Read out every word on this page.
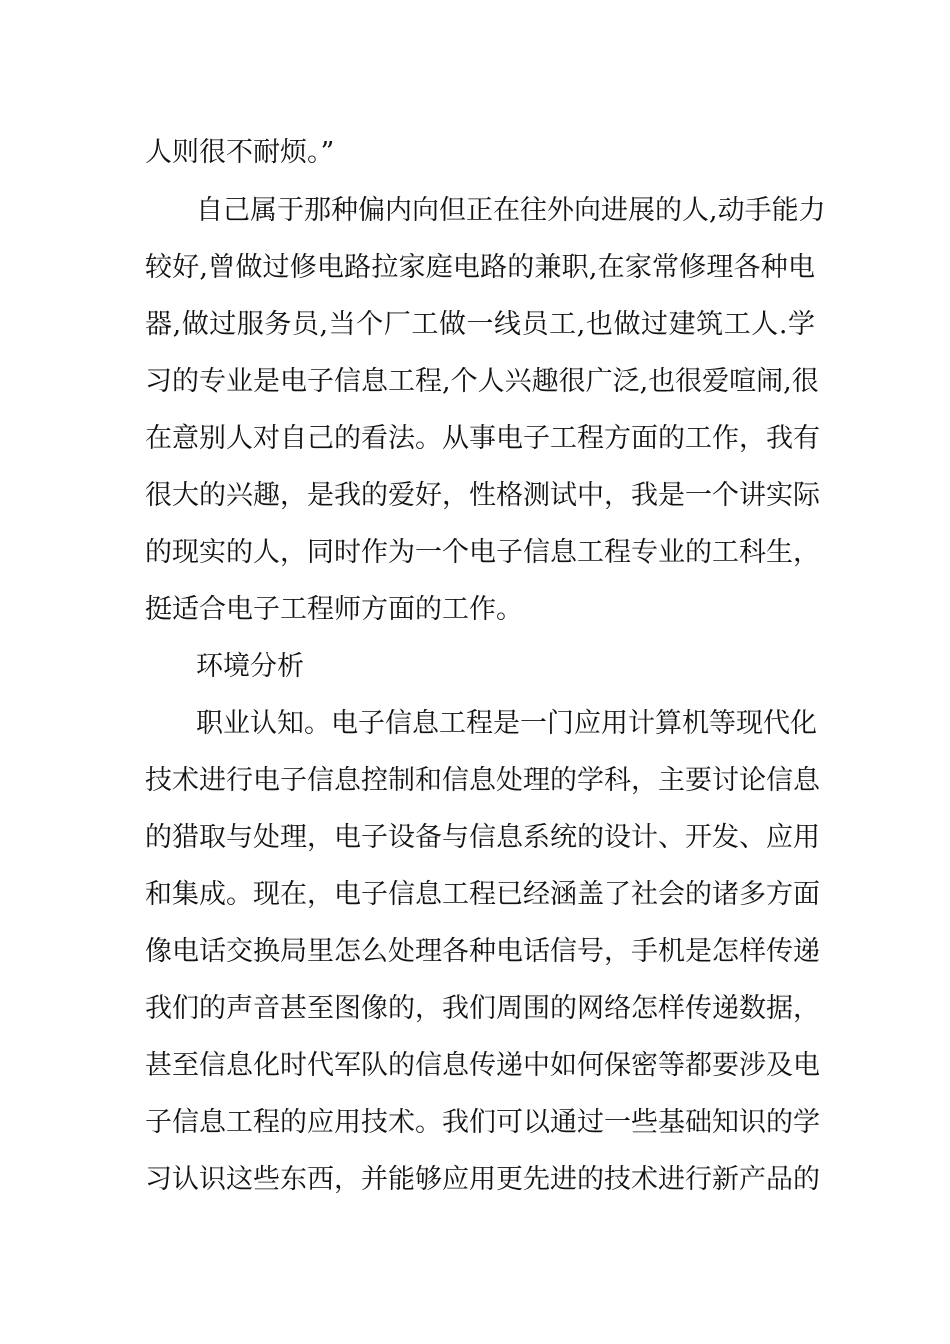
人则很不耐烦。”
自己属于那种偏内向但正在往外向进展的人,动手能力
较好,曾做过修电路拉家庭电路的兼职,在家常修理各种电
器,做过服务员,当个厂工做一线员工,也做过建筑工人.学
习的专业是电子信息工程,个人兴趣很广泛,也很爱喧闹,很
在意别人对自己的看法。从事电子工程方面的工作，我有
很大的兴趣，是我的爱好，性格测试中，我是一个讲实际
的现实的人，同时作为一个电子信息工程专业的工科生，
挺适合电子工程师方面的工作。
环境分析
职业认知。电子信息工程是一门应用计算机等现代化
技术进行电子信息控制和信息处理的学科，主要讨论信息
的猎取与处理，电子设备与信息系统的设计、开发、应用
和集成。现在，电子信息工程已经涵盖了社会的诸多方面
像电话交换局里怎么处理各种电话信号，手机是怎样传递
我们的声音甚至图像的，我们周围的网络怎样传递数据，
甚至信息化时代军队的信息传递中如何保密等都要涉及电
子信息工程的应用技术。我们可以通过一些基础知识的学
习认识这些东西，并能够应用更先进的技术进行新产品的
